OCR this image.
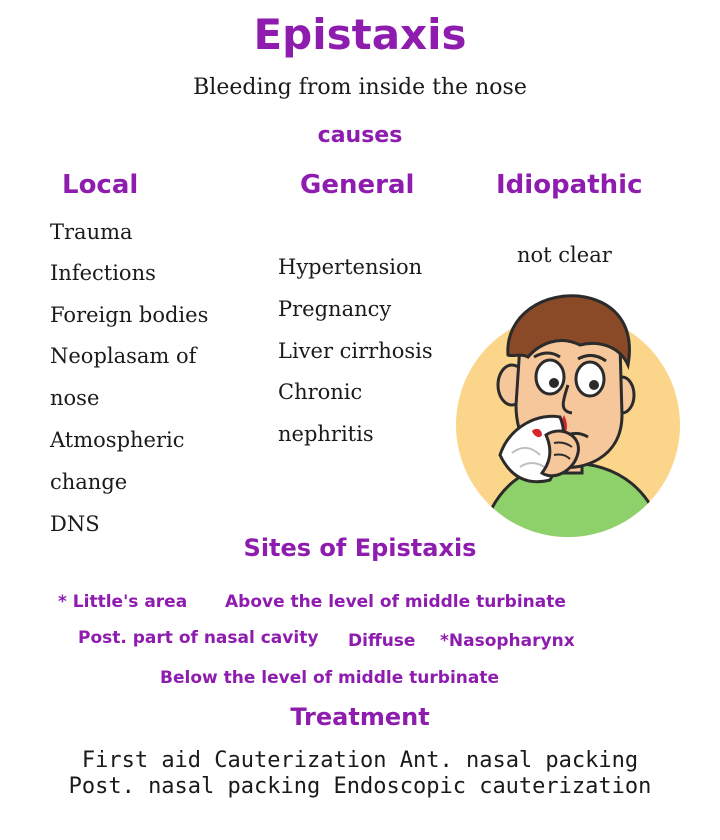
Epistaxis
Bleeding from inside the nose
causes
Local	General	Idiopathic
Trauma
Infections
Foreign bodies
Neoplasam of
nose
Atmospheric
change
DNS
Hypertension
Pregnancy
Liver cirrhosis
Chronic
nephritis
not clear
Sites of Epistaxis
* Little's area Above the level of middle turbinate
Post. part of nasal cavity Diffuse *Nasopharynx
Below the level of middle turbinate
Treatment
First aid Cauterization Ant. nasal packing
Post. nasal packing Endoscopic cauterization
